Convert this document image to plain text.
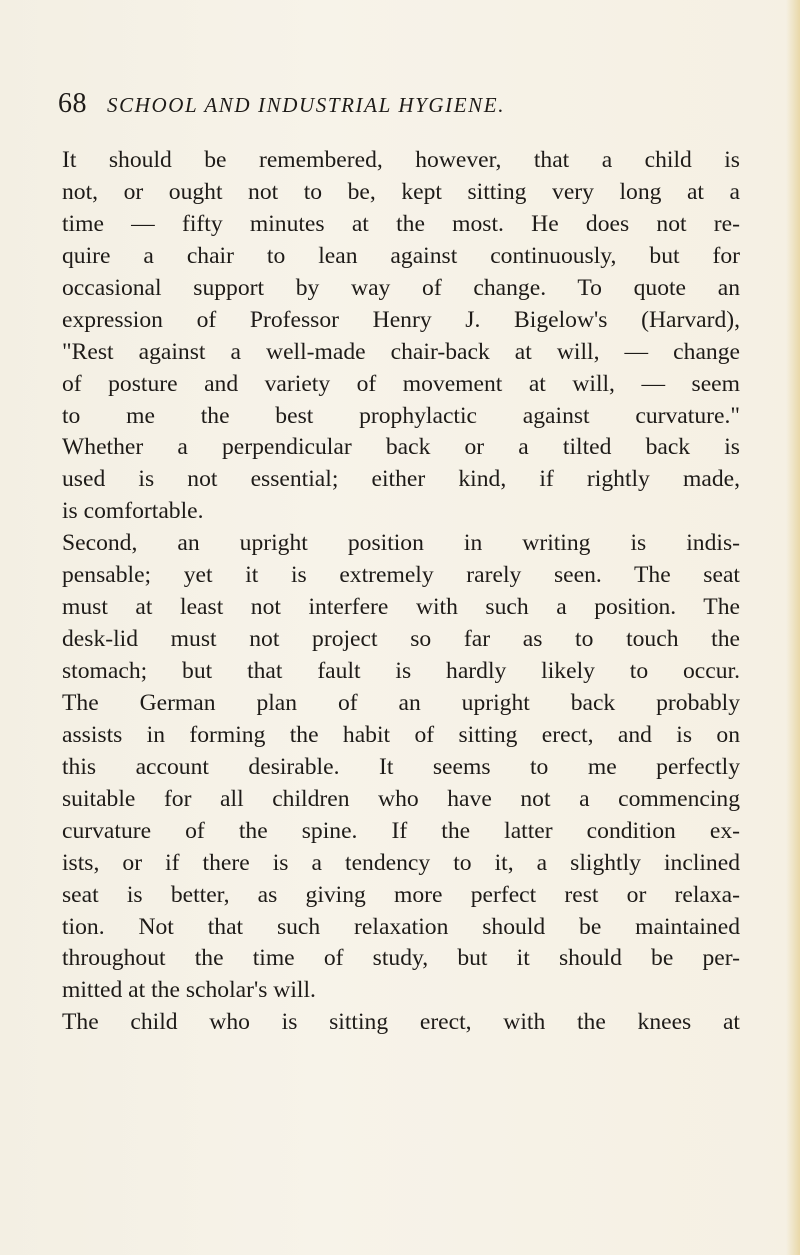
68 SCHOOL AND INDUSTRIAL HYGIENE.
It should be remembered, however, that a child is
not, or ought not to be, kept sitting very long at a
time — fifty minutes at the most. He does not re-
quire a chair to lean against continuously, but for
occasional support by way of change. To quote an
expression of Professor Henry J. Bigelow's (Harvard),
"Rest against a well-made chair-back at will, — change
of posture and variety of movement at will, — seem
to me the best prophylactic against curvature."
Whether a perpendicular back or a tilted back is
used is not essential; either kind, if rightly made,
is comfortable.
Second, an upright position in writing is indis-
pensable; yet it is extremely rarely seen. The seat
must at least not interfere with such a position. The
desk-lid must not project so far as to touch the
stomach; but that fault is hardly likely to occur.
The German plan of an upright back probably
assists in forming the habit of sitting erect, and is on
this account desirable. It seems to me perfectly
suitable for all children who have not a commencing
curvature of the spine. If the latter condition ex-
ists, or if there is a tendency to it, a slightly inclined
seat is better, as giving more perfect rest or relaxa-
tion. Not that such relaxation should be maintained
throughout the time of study, but it should be per-
mitted at the scholar's will.
The child who is sitting erect, with the knees at
